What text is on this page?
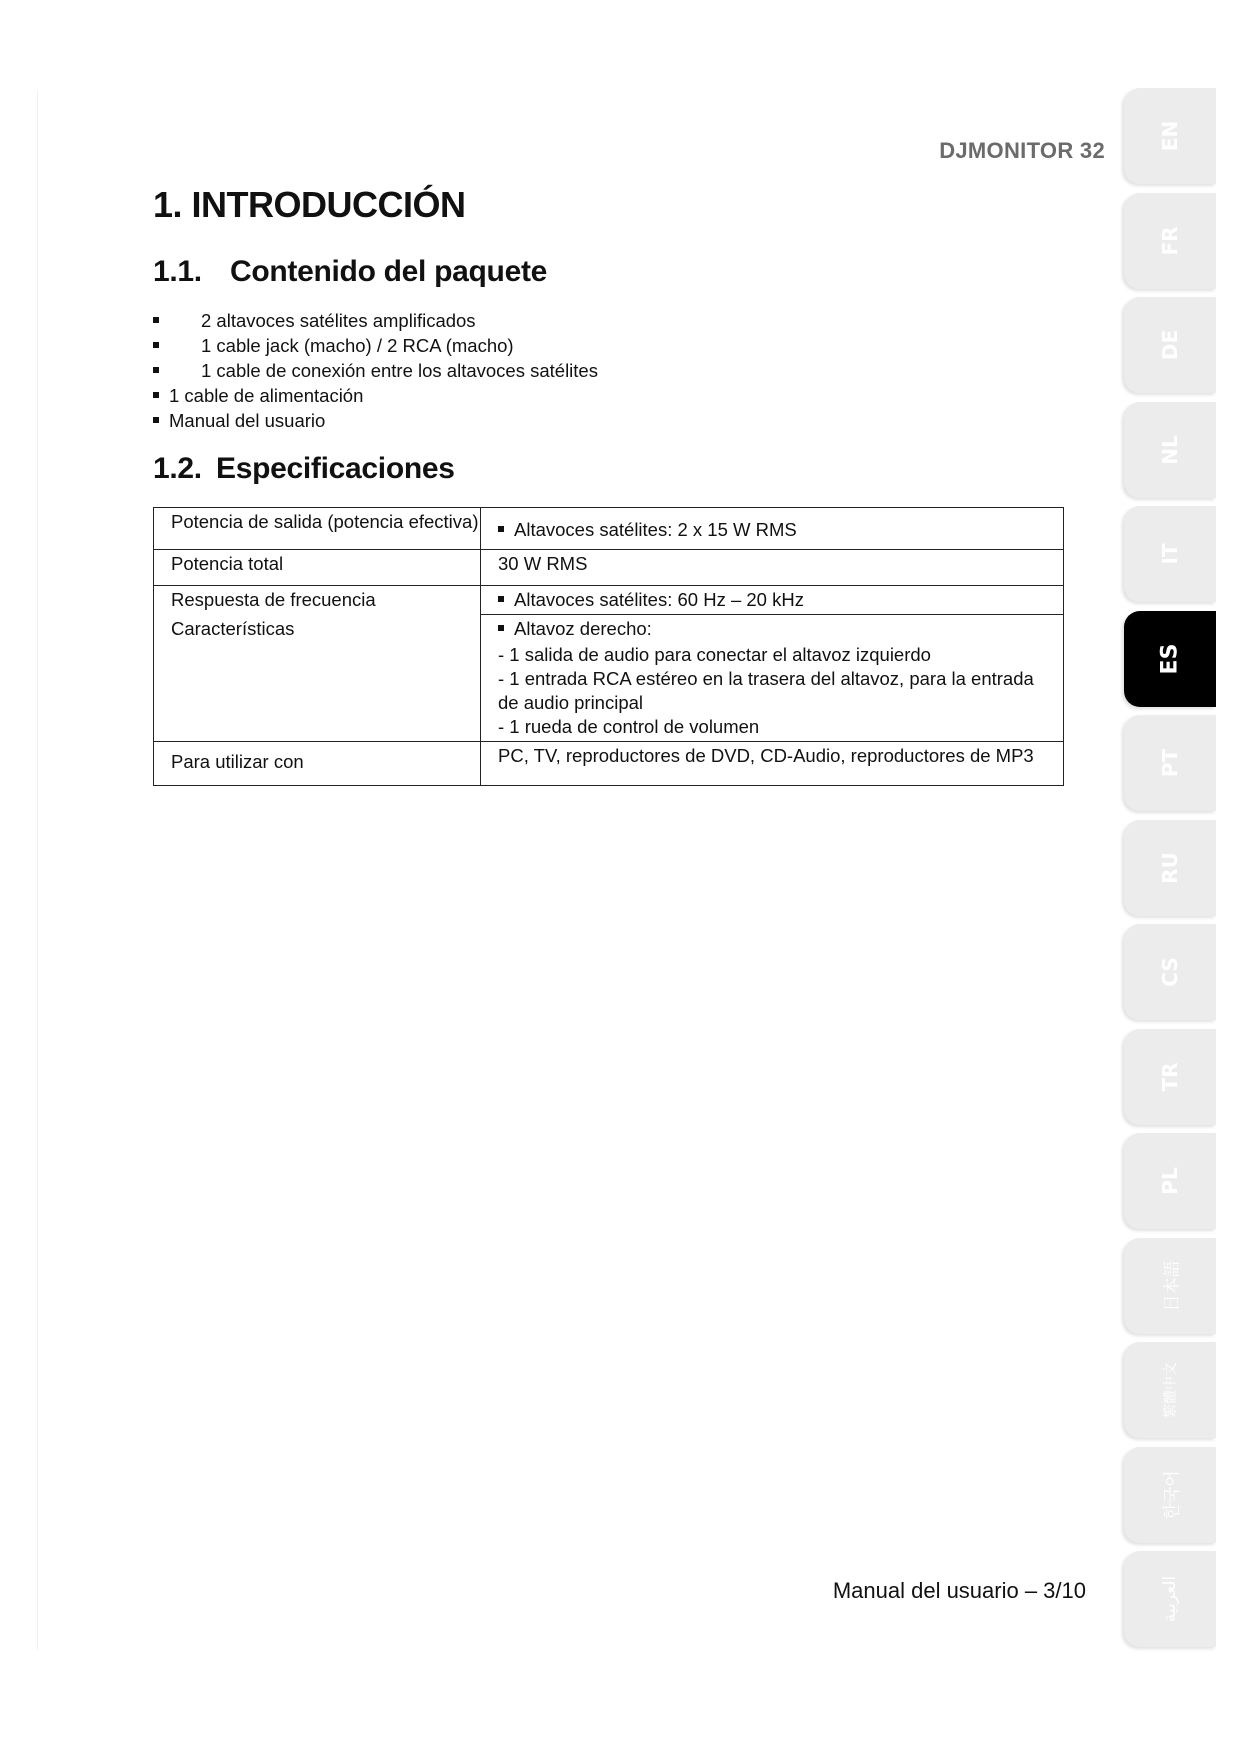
DJMONITOR 32
1. INTRODUCCIÓN
1.1. Contenido del paquete
2 altavoces satélites amplificados
1 cable jack (macho) / 2 RCA (macho)
1 cable de conexión entre los altavoces satélites
1 cable de alimentación
Manual del usuario
1.2. Especificaciones
Potencia de salida (potencia efectiva)	Altavoces satélites: 2 x 15 W RMS
Potencia total	30 W RMS
Respuesta de frecuencia	Altavoces satélites: 60 Hz – 20 kHz
Características	Altavoz derecho:
- 1 salida de audio para conectar el altavoz izquierdo
- 1 entrada RCA estéreo en la trasera del altavoz, para la entrada de audio principal
- 1 rueda de control de volumen

Para utilizar con	PC, TV, reproductores de DVD, CD-Audio, reproductores de MP3
Manual del usuario – 3/10
EN
FR
DE
NL
IT
ES
PT
RU
CS
TR
PL
日本語
繁體中文
한국어
العربية
